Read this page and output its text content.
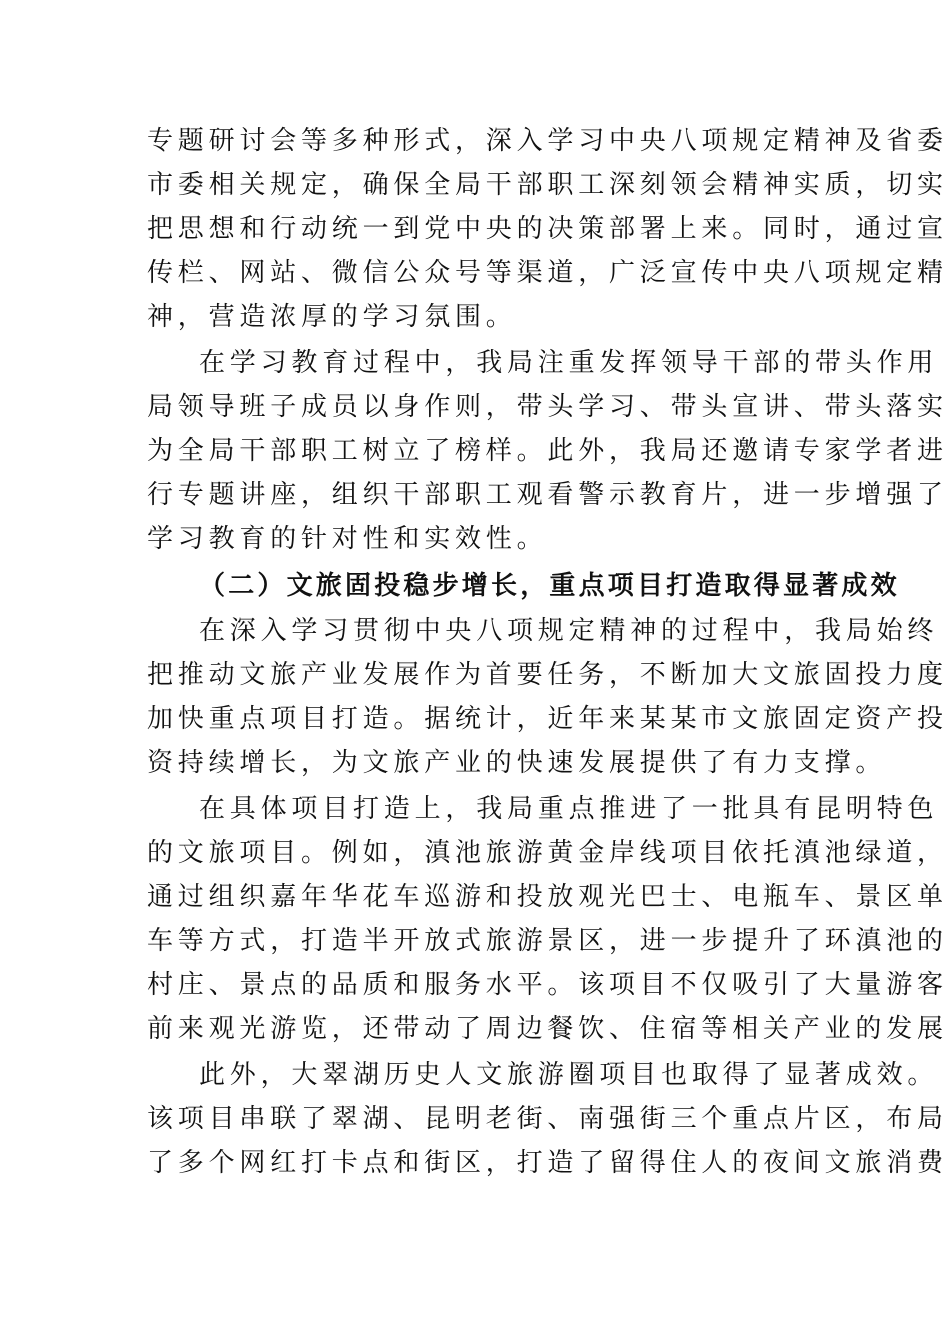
专题研讨会等多种形式，深入学习中央八项规定精神及省委
市委相关规定，确保全局干部职工深刻领会精神实质，切实
把思想和行动统一到党中央的决策部署上来。同时，通过宣
传栏、网站、微信公众号等渠道，广泛宣传中央八项规定精
神，营造浓厚的学习氛围。
在学习教育过程中，我局注重发挥领导干部的带头作用
局领导班子成员以身作则，带头学习、带头宣讲、带头落实
为全局干部职工树立了榜样。此外，我局还邀请专家学者进
行专题讲座，组织干部职工观看警示教育片，进一步增强了
学习教育的针对性和实效性。
（二）文旅固投稳步增长，重点项目打造取得显著成效
在深入学习贯彻中央八项规定精神的过程中，我局始终
把推动文旅产业发展作为首要任务，不断加大文旅固投力度
加快重点项目打造。据统计，近年来某某市文旅固定资产投
资持续增长，为文旅产业的快速发展提供了有力支撑。
在具体项目打造上，我局重点推进了一批具有昆明特色
的文旅项目。例如，滇池旅游黄金岸线项目依托滇池绿道，
通过组织嘉年华花车巡游和投放观光巴士、电瓶车、景区单
车等方式，打造半开放式旅游景区，进一步提升了环滇池的
村庄、景点的品质和服务水平。该项目不仅吸引了大量游客
前来观光游览，还带动了周边餐饮、住宿等相关产业的发展
此外，大翠湖历史人文旅游圈项目也取得了显著成效。
该项目串联了翠湖、昆明老街、南强街三个重点片区，布局
了多个网红打卡点和街区，打造了留得住人的夜间文旅消费
